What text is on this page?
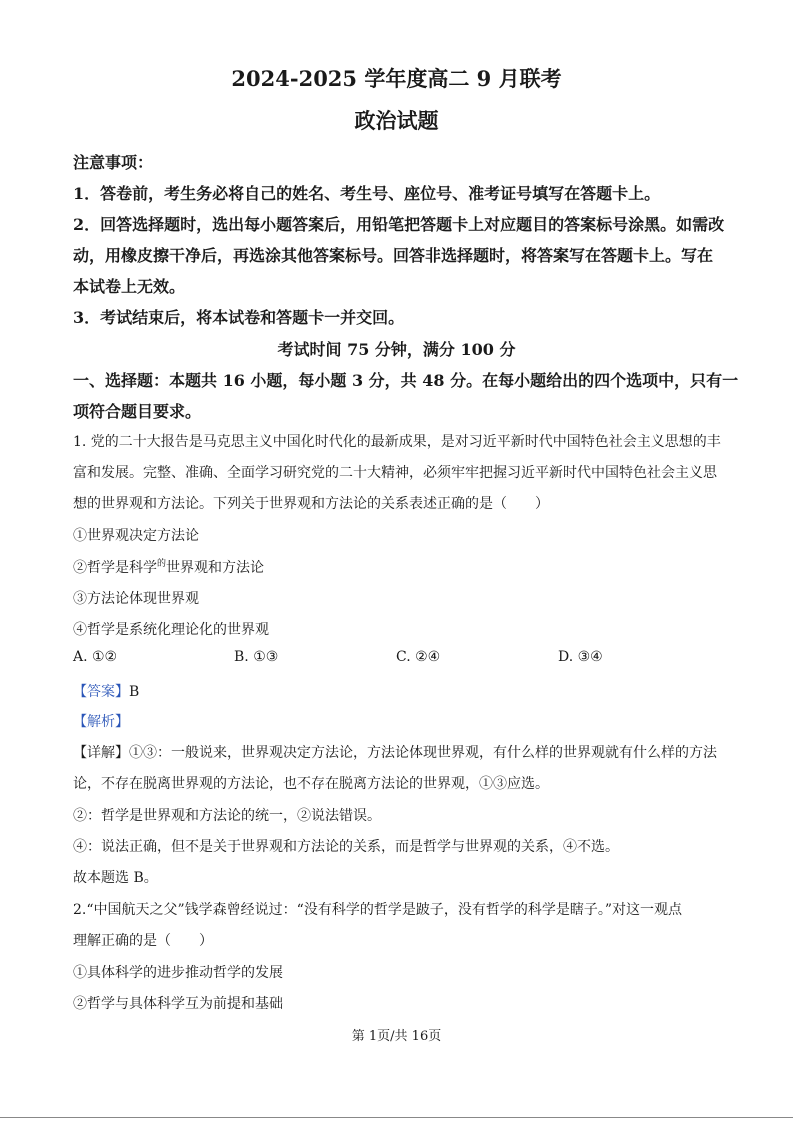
2024-2025 学年度高二 9 月联考
政治试题
注意事项：
1．答卷前，考生务必将自己的姓名、考生号、座位号、准考证号填写在答题卡上。
2．回答选择题时，选出每小题答案后，用铅笔把答题卡上对应题目的答案标号涂黑。如需改
动，用橡皮擦干净后，再选涂其他答案标号。回答非选择题时，将答案写在答题卡上。写在
本试卷上无效。
3．考试结束后，将本试卷和答题卡一并交回。
考试时间 75 分钟，满分 100 分
一、选择题：本题共 16 小题，每小题 3 分，共 48 分。在每小题给出的四个选项中，只有一
项符合题目要求。
1. 党的二十大报告是马克思主义中国化时代化的最新成果，是对习近平新时代中国特色社会主义思想的丰
富和发展。完整、准确、全面学习研究党的二十大精神，必须牢牢把握习近平新时代中国特色社会主义思
想的世界观和方法论。下列关于世界观和方法论的关系表述正确的是（　　）
①世界观决定方法论
②哲学是科学$^的$世界观和方法论
③方法论体现世界观
④哲学是系统化理论化的世界观
A. ①②	B. ①③	C. ②④	D. ③④
【答案】B
【解析】
【详解】①③：一般说来，世界观决定方法论，方法论体现世界观，有什么样的世界观就有什么样的方法
论，不存在脱离世界观的方法论，也不存在脱离方法论的世界观，①③应选。
②：哲学是世界观和方法论的统一，②说法错误。
④：说法正确，但不是关于世界观和方法论的关系，而是哲学与世界观的关系，④不选。
故本题选 B。
2.“中国航天之父”钱学森曾经说过：“没有科学的哲学是跛子，没有哲学的科学是瞎子。”对这一观点
理解正确的是（　　）
①具体科学的进步推动哲学的发展
②哲学与具体科学互为前提和基础
第 1页/共 16页
